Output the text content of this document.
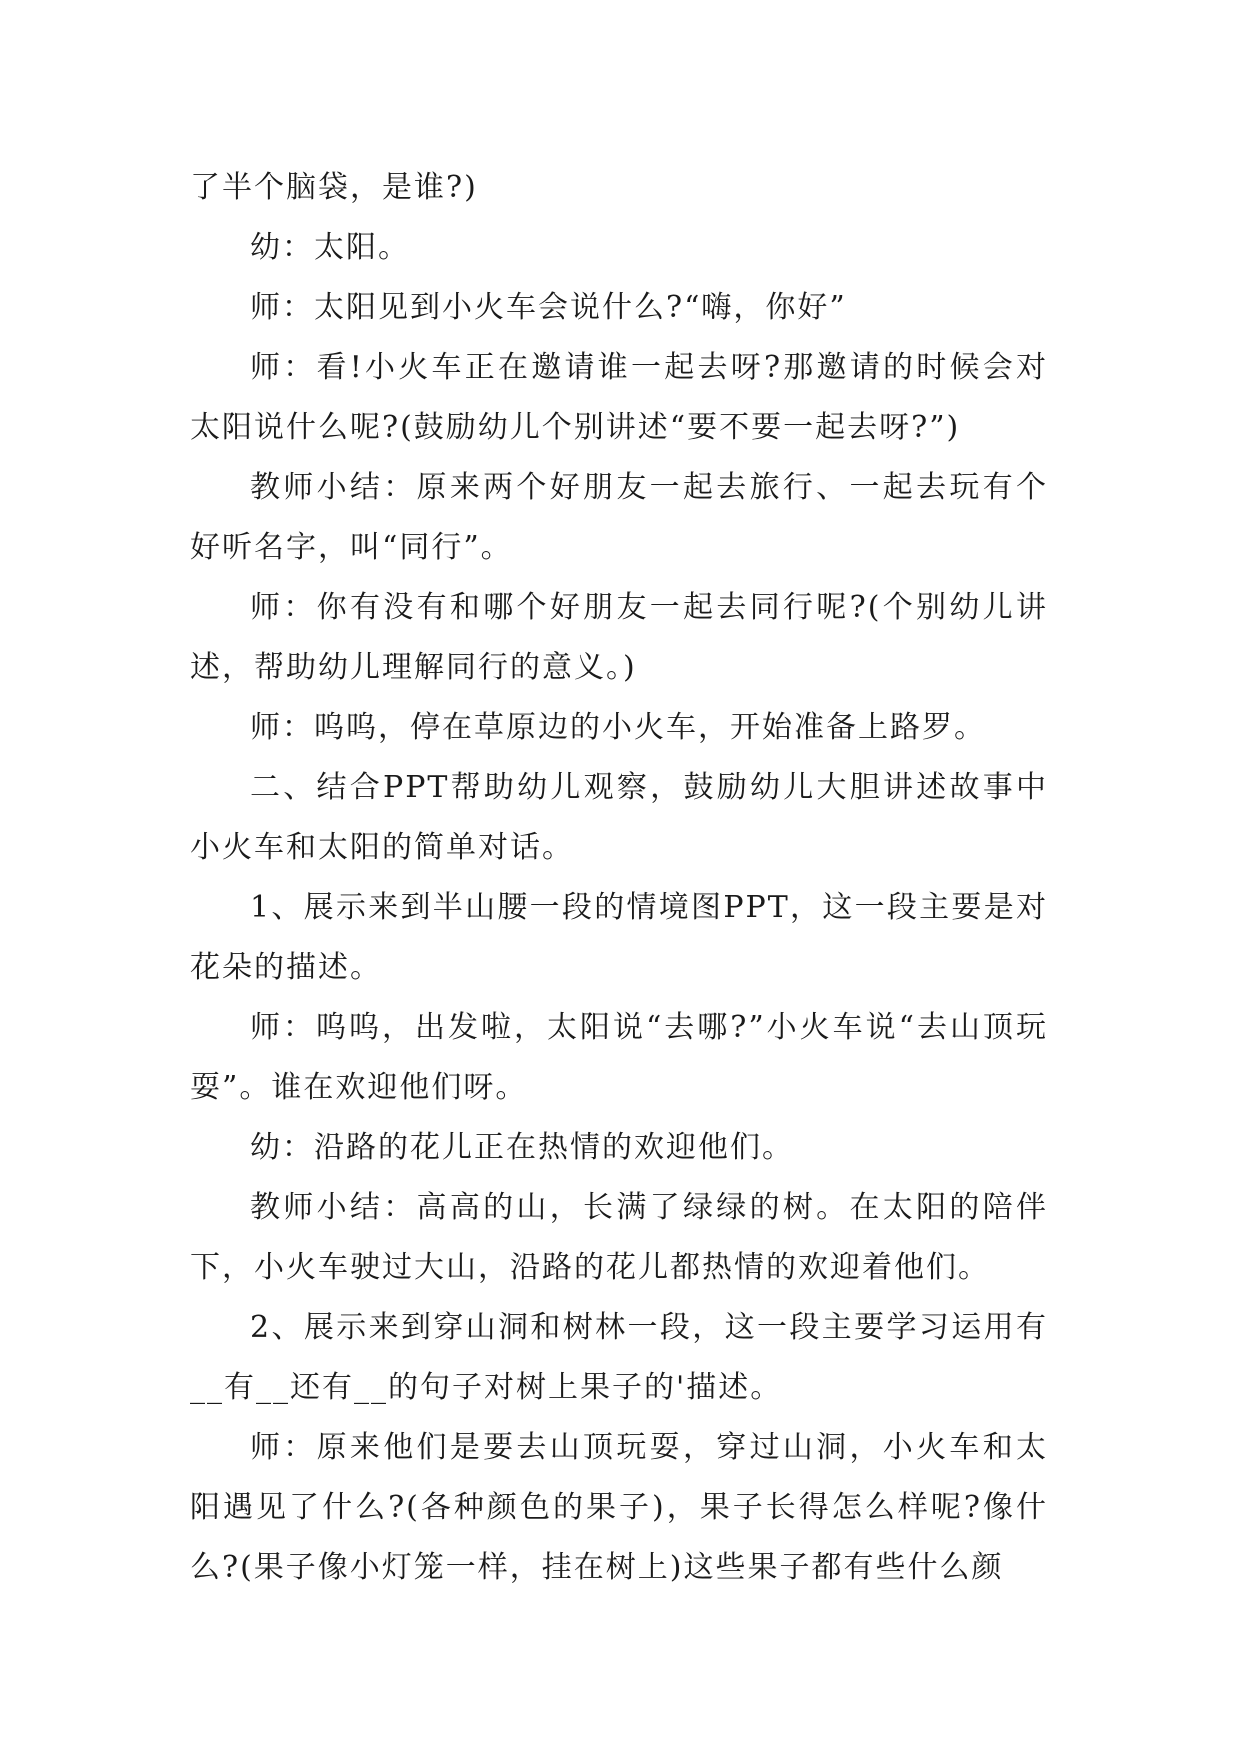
了半个脑袋，是谁?)

幼：太阳。

师：太阳见到小火车会说什么?“嗨，你好”

师：看!小火车正在邀请谁一起去呀?那邀请的时候会对太阳说什么呢?(鼓励幼儿个别讲述“要不要一起去呀?”)

教师小结：原来两个好朋友一起去旅行、一起去玩有个好听名字，叫“同行”。

师：你有没有和哪个好朋友一起去同行呢?(个别幼儿讲述，帮助幼儿理解同行的意义。)

师：呜呜，停在草原边的小火车，开始准备上路罗。

二、结合PPT帮助幼儿观察，鼓励幼儿大胆讲述故事中小火车和太阳的简单对话。

1、展示来到半山腰一段的情境图PPT，这一段主要是对花朵的描述。

师：呜呜，出发啦，太阳说“去哪?”小火车说“去山顶玩耍”。谁在欢迎他们呀。

幼：沿路的花儿正在热情的欢迎他们。

教师小结：高高的山，长满了绿绿的树。在太阳的陪伴下，小火车驶过大山，沿路的花儿都热情的欢迎着他们。

2、展示来到穿山洞和树林一段，这一段主要学习运用有__有__还有__的句子对树上果子的'描述。

师：原来他们是要去山顶玩耍，穿过山洞，小火车和太阳遇见了什么?(各种颜色的果子)，果子长得怎么样呢?像什么?(果子像小灯笼一样，挂在树上)这些果子都有些什么颜
